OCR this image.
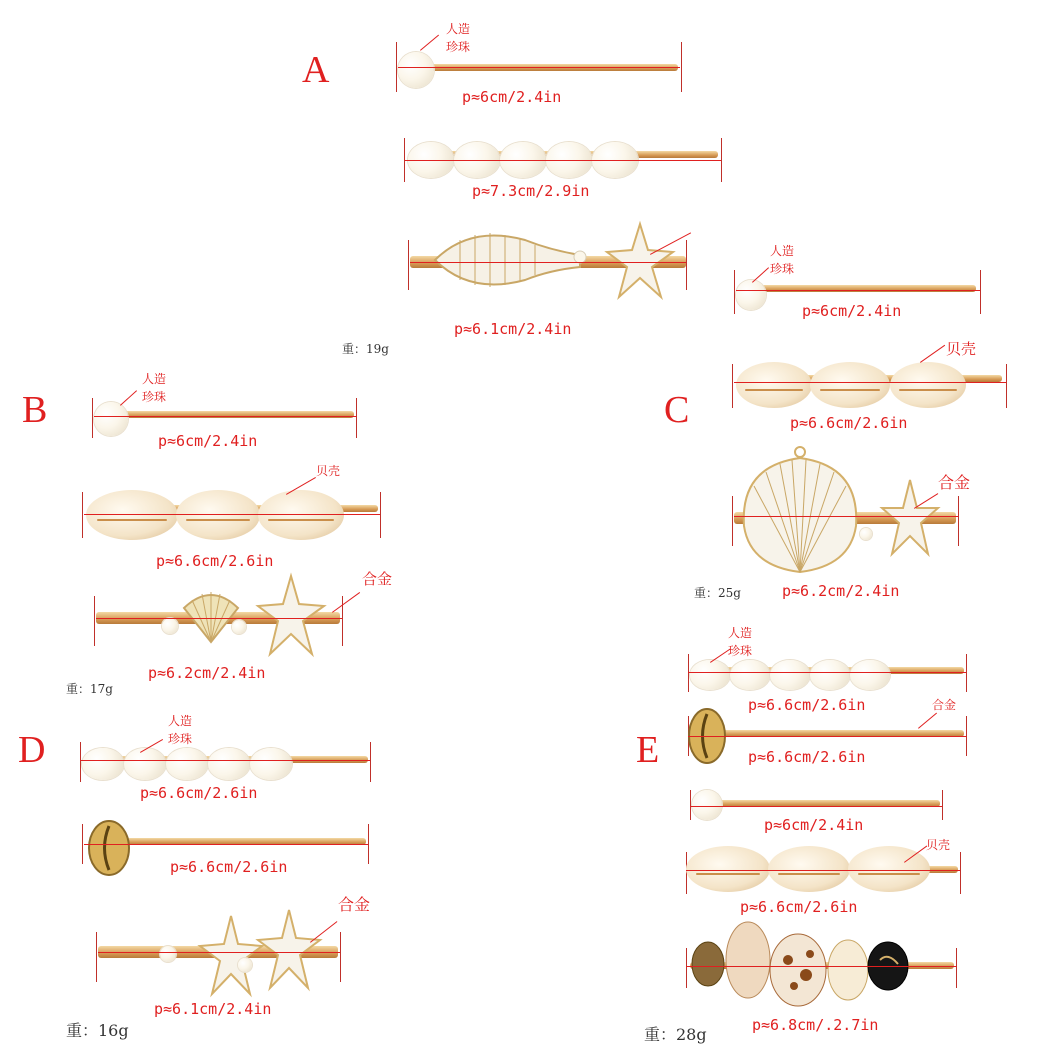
A
人造
珍珠
p≈6cm/2.4in
p≈7.3cm/2.9in
p≈6.1cm/2.4in
重：19g
B
人造
珍珠
p≈6cm/2.4in
贝壳
p≈6.6cm/2.6in
合金
p≈6.2cm/2.4in
重：17g
C
人造
珍珠
p≈6cm/2.4in
贝壳
p≈6.6cm/2.6in
合金
p≈6.2cm/2.4in
重：25g
D
人造
珍珠
p≈6.6cm/2.6in
p≈6.6cm/2.6in
合金
p≈6.1cm/2.4in
重：16g
E
人造
珍珠
p≈6.6cm/2.6in	合金
p≈6.6cm/2.6in
p≈6cm/2.4in
贝壳
p≈6.6cm/2.6in
p≈6.8cm/.2.7in
重：28g
